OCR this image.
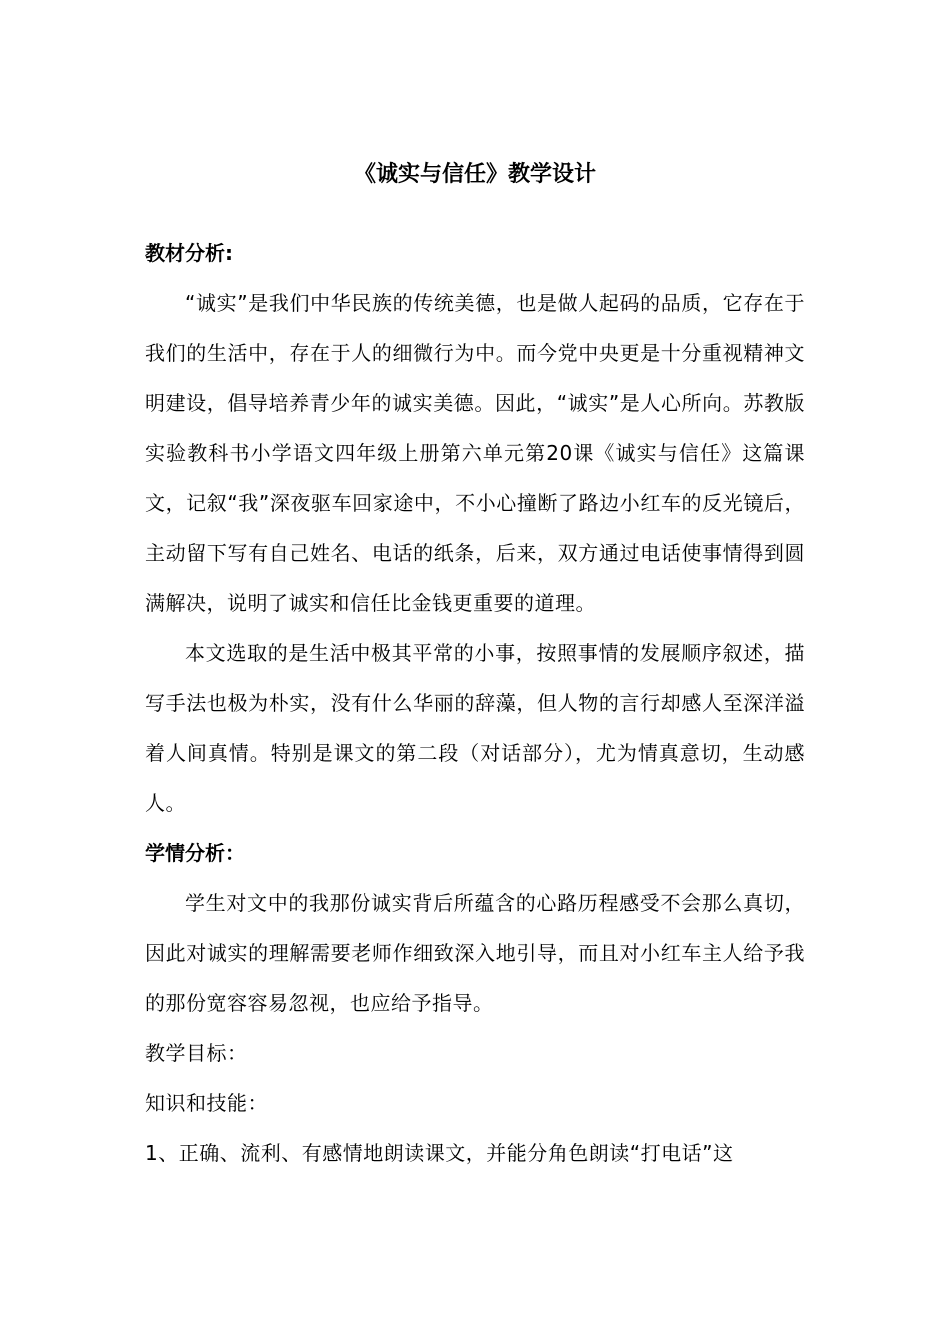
《诚实与信任》教学设计
教材分析:

“诚实”是我们中华民族的传统美德，也是做人起码的品质，它存在于我们的生活中，存在于人的细微行为中。而今党中央更是十分重视精神文明建设，倡导培养青少年的诚实美德。因此，“诚实”是人心所向。苏教版实验教科书小学语文四年级上册第六单元第20课《诚实与信任》这篇课文，记叙“我”深夜驱车回家途中，不小心撞断了路边小红车的反光镜后，主动留下写有自己姓名、电话的纸条，后来，双方通过电话使事情得到圆满解决，说明了诚实和信任比金钱更重要的道理。

本文选取的是生活中极其平常的小事，按照事情的发展顺序叙述，描写手法也极为朴实，没有什么华丽的辞藻，但人物的言行却感人至深洋溢着人间真情。特别是课文的第二段（对话部分），尤为情真意切，生动感人。

学情分析：

学生对文中的我那份诚实背后所蕴含的心路历程感受不会那么真切，因此对诚实的理解需要老师作细致深入地引导，而且对小红车主人给予我的那份宽容容易忽视，也应给予指导。

教学目标：

知识和技能：

1、正确、流利、有感情地朗读课文，并能分角色朗读“打电话”这
